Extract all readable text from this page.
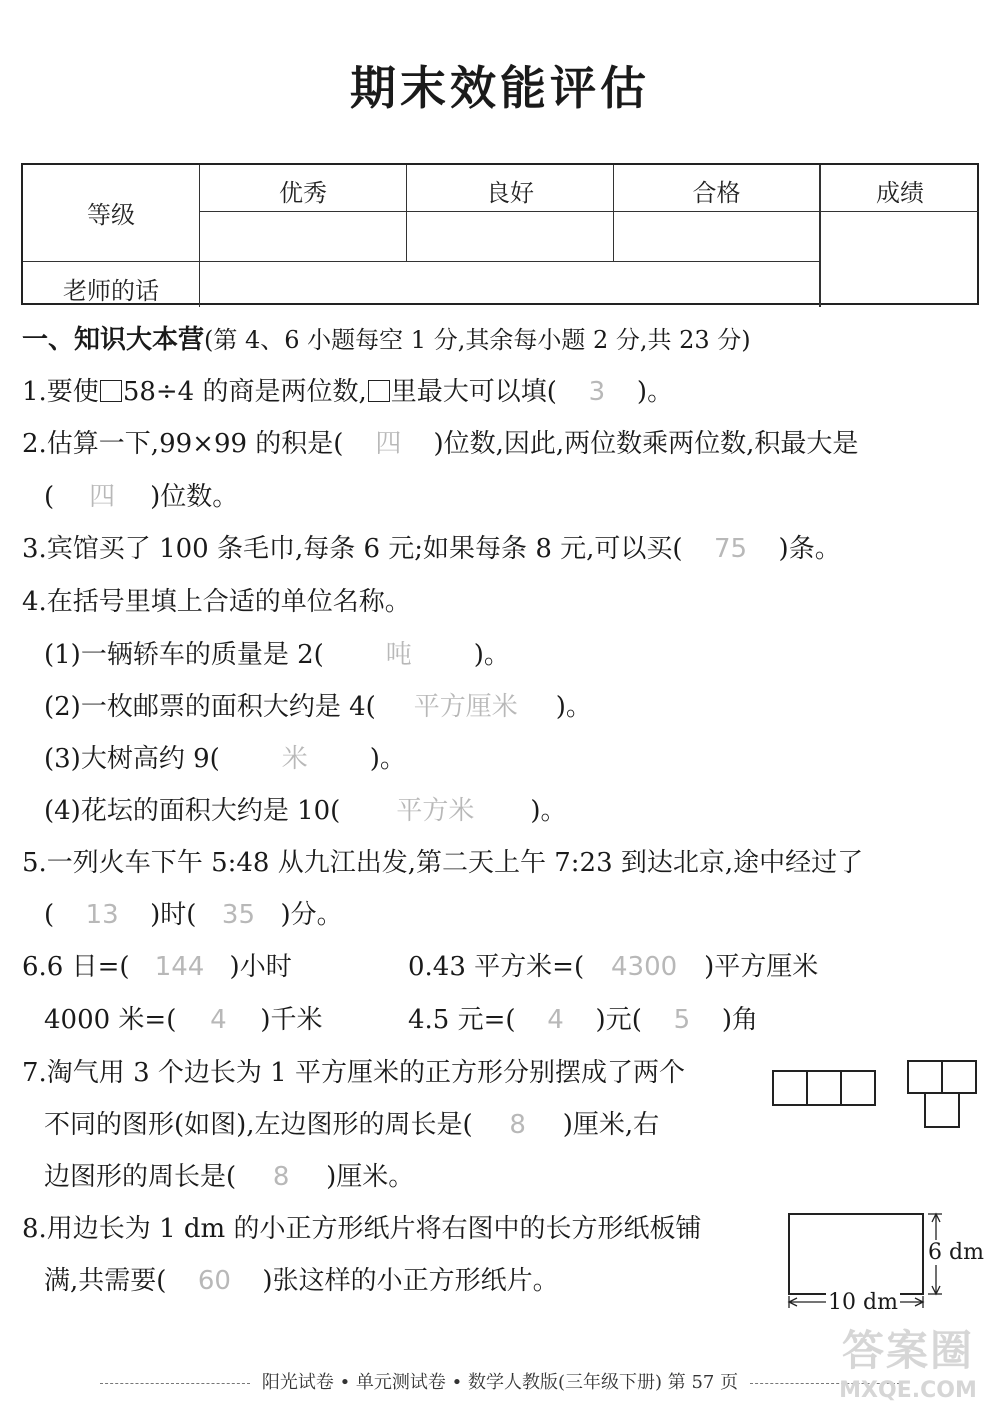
期末效能评估
等级
优秀	良好	合格	成绩
老师的话
一、知识大本营(第 4、6 小题每空 1 分,其余每小题 2 分,共 23 分)
1.要使 58÷4 的商是两位数, 里最大可以填( 3 )。
2.估算一下,99×99 的积是( 四 )位数,因此,两位数乘两位数,积最大是
( 四 )位数。
3.宾馆买了 100 条毛巾,每条 6 元;如果每条 8 元,可以买( 75 )条。
4.在括号里填上合适的单位名称。
(1)一辆轿车的质量是 2( 吨 )。
(2)一枚邮票的面积大约是 4( 平方厘米 )。
(3)大树高约 9( 米 )。
(4)花坛的面积大约是 10( 平方米 )。
5.一列火车下午 5:48 从九江出发,第二天上午 7:23 到达北京,途中经过了
( 13 )时( 35 )分。
6.6 日=( 144 )小时	0.43 平方米=( 4300 )平方厘米
4000 米=( 4 )千米	4.5 元=( 4 )元( 5 )角
7.淘气用 3 个边长为 1 平方厘米的正方形分别摆成了两个
不同的图形(如图),左边图形的周长是( 8 )厘米,右
边图形的周长是( 8 )厘米。
8.用边长为 1 dm 的小正方形纸片将右图中的长方形纸板铺
满,共需要( 60 )张这样的小正方形纸片。
6 dm
10 dm
阳光试卷 • 单元测试卷 • 数学人教版(三年级下册) 第 57 页
答案圈
MXQE.COM
